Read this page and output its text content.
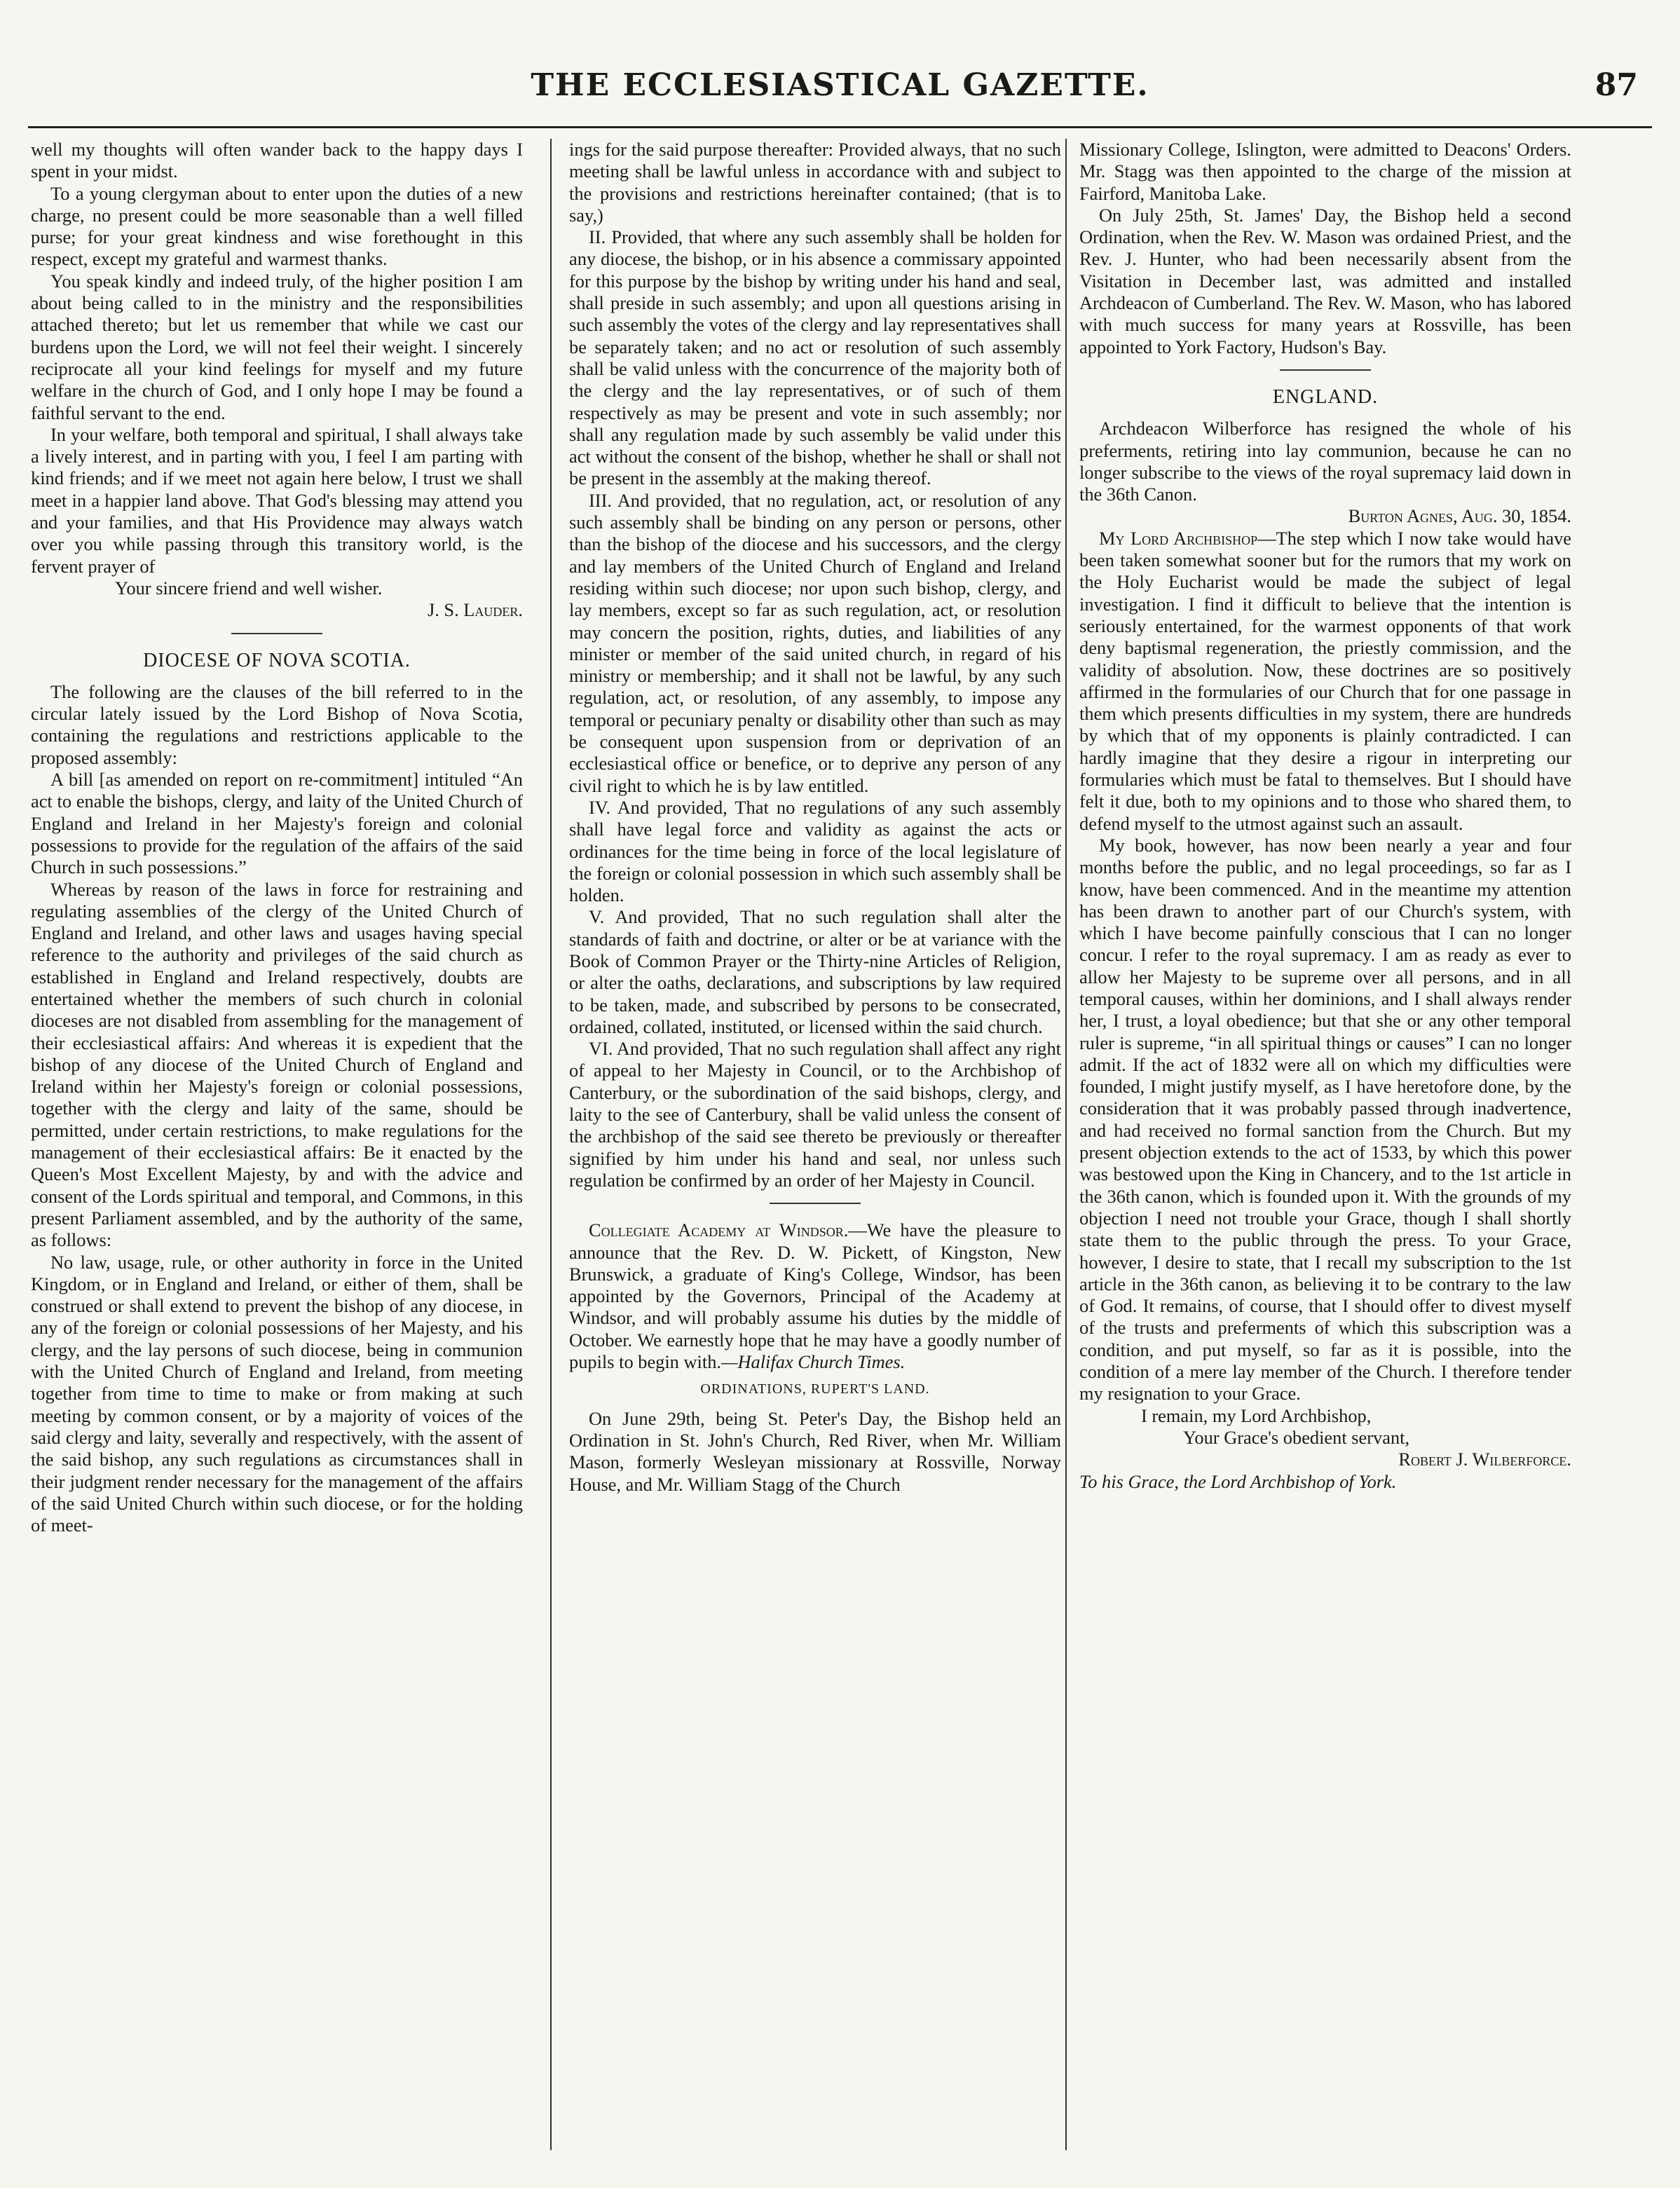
THE ECCLESIASTICAL GAZETTE.	87

well my thoughts will often wander back to the happy days I spent in your midst.

To a young clergyman about to enter upon the duties of a new charge, no present could be more seasonable than a well filled purse; for your great kindness and wise forethought in this respect, except my grateful and warmest thanks.

You speak kindly and indeed truly, of the higher position I am about being called to in the ministry and the responsibilities attached thereto; but let us remember that while we cast our burdens upon the Lord, we will not feel their weight. I sincerely reciprocate all your kind feelings for myself and my future welfare in the church of God, and I only hope I may be found a faithful servant to the end.

In your welfare, both temporal and spiritual, I shall always take a lively interest, and in parting with you, I feel I am parting with kind friends; and if we meet not again here below, I trust we shall meet in a happier land above. That God's blessing may attend you and your families, and that His Providence may always watch over you while passing through this transitory world, is the fervent prayer of

Your sincere friend and well wisher.

J. S. Lauder.

DIOCESE OF NOVA SCOTIA.

The following are the clauses of the bill referred to in the circular lately issued by the Lord Bishop of Nova Scotia, containing the regulations and restrictions applicable to the proposed assembly:

A bill [as amended on report on re-commitment] intituled “An act to enable the bishops, clergy, and laity of the United Church of England and Ireland in her Majesty's foreign and colonial possessions to provide for the regulation of the affairs of the said Church in such possessions.”

Whereas by reason of the laws in force for restraining and regulating assemblies of the clergy of the United Church of England and Ireland, and other laws and usages having special reference to the authority and privileges of the said church as established in England and Ireland respectively, doubts are entertained whether the members of such church in colonial dioceses are not disabled from assembling for the management of their ecclesiastical affairs: And whereas it is expedient that the bishop of any diocese of the United Church of England and Ireland within her Majesty's foreign or colonial possessions, together with the clergy and laity of the same, should be permitted, under certain restrictions, to make regulations for the management of their ecclesiastical affairs: Be it enacted by the Queen's Most Excellent Majesty, by and with the advice and consent of the Lords spiritual and temporal, and Commons, in this present Parliament assembled, and by the authority of the same, as follows:

No law, usage, rule, or other authority in force in the United Kingdom, or in England and Ireland, or either of them, shall be construed or shall extend to prevent the bishop of any diocese, in any of the foreign or colonial possessions of her Majesty, and his clergy, and the lay persons of such diocese, being in communion with the United Church of England and Ireland, from meeting together from time to time to make or from making at such meeting by common consent, or by a majority of voices of the said clergy and laity, severally and respectively, with the assent of the said bishop, any such regulations as circumstances shall in their judgment render necessary for the management of the affairs of the said United Church within such diocese, or for the holding of meet-

ings for the said purpose thereafter: Provided always, that no such meeting shall be lawful unless in accordance with and subject to the provisions and restrictions hereinafter contained; (that is to say,)

II. Provided, that where any such assembly shall be holden for any diocese, the bishop, or in his absence a commissary appointed for this purpose by the bishop by writing under his hand and seal, shall preside in such assembly; and upon all questions arising in such assembly the votes of the clergy and lay representatives shall be separately taken; and no act or resolution of such assembly shall be valid unless with the concurrence of the majority both of the clergy and the lay representatives, or of such of them respectively as may be present and vote in such assembly; nor shall any regulation made by such assembly be valid under this act without the consent of the bishop, whether he shall or shall not be present in the assembly at the making thereof.

III. And provided, that no regulation, act, or resolution of any such assembly shall be binding on any person or persons, other than the bishop of the diocese and his successors, and the clergy and lay members of the United Church of England and Ireland residing within such diocese; nor upon such bishop, clergy, and lay members, except so far as such regulation, act, or resolution may concern the position, rights, duties, and liabilities of any minister or member of the said united church, in regard of his ministry or membership; and it shall not be lawful, by any such regulation, act, or resolution, of any assembly, to impose any temporal or pecuniary penalty or disability other than such as may be consequent upon suspension from or deprivation of an ecclesiastical office or benefice, or to deprive any person of any civil right to which he is by law entitled.

IV. And provided, That no regulations of any such assembly shall have legal force and validity as against the acts or ordinances for the time being in force of the local legislature of the foreign or colonial possession in which such assembly shall be holden.

V. And provided, That no such regulation shall alter the standards of faith and doctrine, or alter or be at variance with the Book of Common Prayer or the Thirty-nine Articles of Religion, or alter the oaths, declarations, and subscriptions by law required to be taken, made, and subscribed by persons to be consecrated, ordained, collated, instituted, or licensed within the said church.

VI. And provided, That no such regulation shall affect any right of appeal to her Majesty in Council, or to the Archbishop of Canterbury, or the subordination of the said bishops, clergy, and laity to the see of Canterbury, shall be valid unless the consent of the archbishop of the said see thereto be previously or thereafter signified by him under his hand and seal, nor unless such regulation be confirmed by an order of her Majesty in Council.

Collegiate Academy at Windsor.—We have the pleasure to announce that the Rev. D. W. Pickett, of Kingston, New Brunswick, a graduate of King's College, Windsor, has been appointed by the Governors, Principal of the Academy at Windsor, and will probably assume his duties by the middle of October. We earnestly hope that he may have a goodly number of pupils to begin with.—Halifax Church Times.

ORDINATIONS, RUPERT'S LAND.

On June 29th, being St. Peter's Day, the Bishop held an Ordination in St. John's Church, Red River, when Mr. William Mason, formerly Wesleyan missionary at Rossville, Norway House, and Mr. William Stagg of the Church

Missionary College, Islington, were admitted to Deacons' Orders. Mr. Stagg was then appointed to the charge of the mission at Fairford, Manitoba Lake.

On July 25th, St. James' Day, the Bishop held a second Ordination, when the Rev. W. Mason was ordained Priest, and the Rev. J. Hunter, who had been necessarily absent from the Visitation in December last, was admitted and installed Archdeacon of Cumberland. The Rev. W. Mason, who has labored with much success for many years at Rossville, has been appointed to York Factory, Hudson's Bay.

ENGLAND.

Archdeacon Wilberforce has resigned the whole of his preferments, retiring into lay communion, because he can no longer subscribe to the views of the royal supremacy laid down in the 36th Canon.

Burton Agnes, Aug. 30, 1854.

My Lord Archbishop—The step which I now take would have been taken somewhat sooner but for the rumors that my work on the Holy Eucharist would be made the subject of legal investigation. I find it difficult to believe that the intention is seriously entertained, for the warmest opponents of that work deny baptismal regeneration, the priestly commission, and the validity of absolution. Now, these doctrines are so positively affirmed in the formularies of our Church that for one passage in them which presents difficulties in my system, there are hundreds by which that of my opponents is plainly contradicted. I can hardly imagine that they desire a rigour in interpreting our formularies which must be fatal to themselves. But I should have felt it due, both to my opinions and to those who shared them, to defend myself to the utmost against such an assault.

My book, however, has now been nearly a year and four months before the public, and no legal proceedings, so far as I know, have been commenced. And in the meantime my attention has been drawn to another part of our Church's system, with which I have become painfully conscious that I can no longer concur. I refer to the royal supremacy. I am as ready as ever to allow her Majesty to be supreme over all persons, and in all temporal causes, within her dominions, and I shall always render her, I trust, a loyal obedience; but that she or any other temporal ruler is supreme, “in all spiritual things or causes” I can no longer admit. If the act of 1832 were all on which my difficulties were founded, I might justify myself, as I have heretofore done, by the consideration that it was probably passed through inadvertence, and had received no formal sanction from the Church. But my present objection extends to the act of 1533, by which this power was bestowed upon the King in Chancery, and to the 1st article in the 36th canon, which is founded upon it. With the grounds of my objection I need not trouble your Grace, though I shall shortly state them to the public through the press. To your Grace, however, I desire to state, that I recall my subscription to the 1st article in the 36th canon, as believing it to be contrary to the law of God. It remains, of course, that I should offer to divest myself of the trusts and preferments of which this subscription was a condition, and put myself, so far as it is possible, into the condition of a mere lay member of the Church. I therefore tender my resignation to your Grace.

I remain, my Lord Archbishop,

Your Grace's obedient servant,

Robert J. Wilberforce.

To his Grace, the Lord Archbishop of York.
